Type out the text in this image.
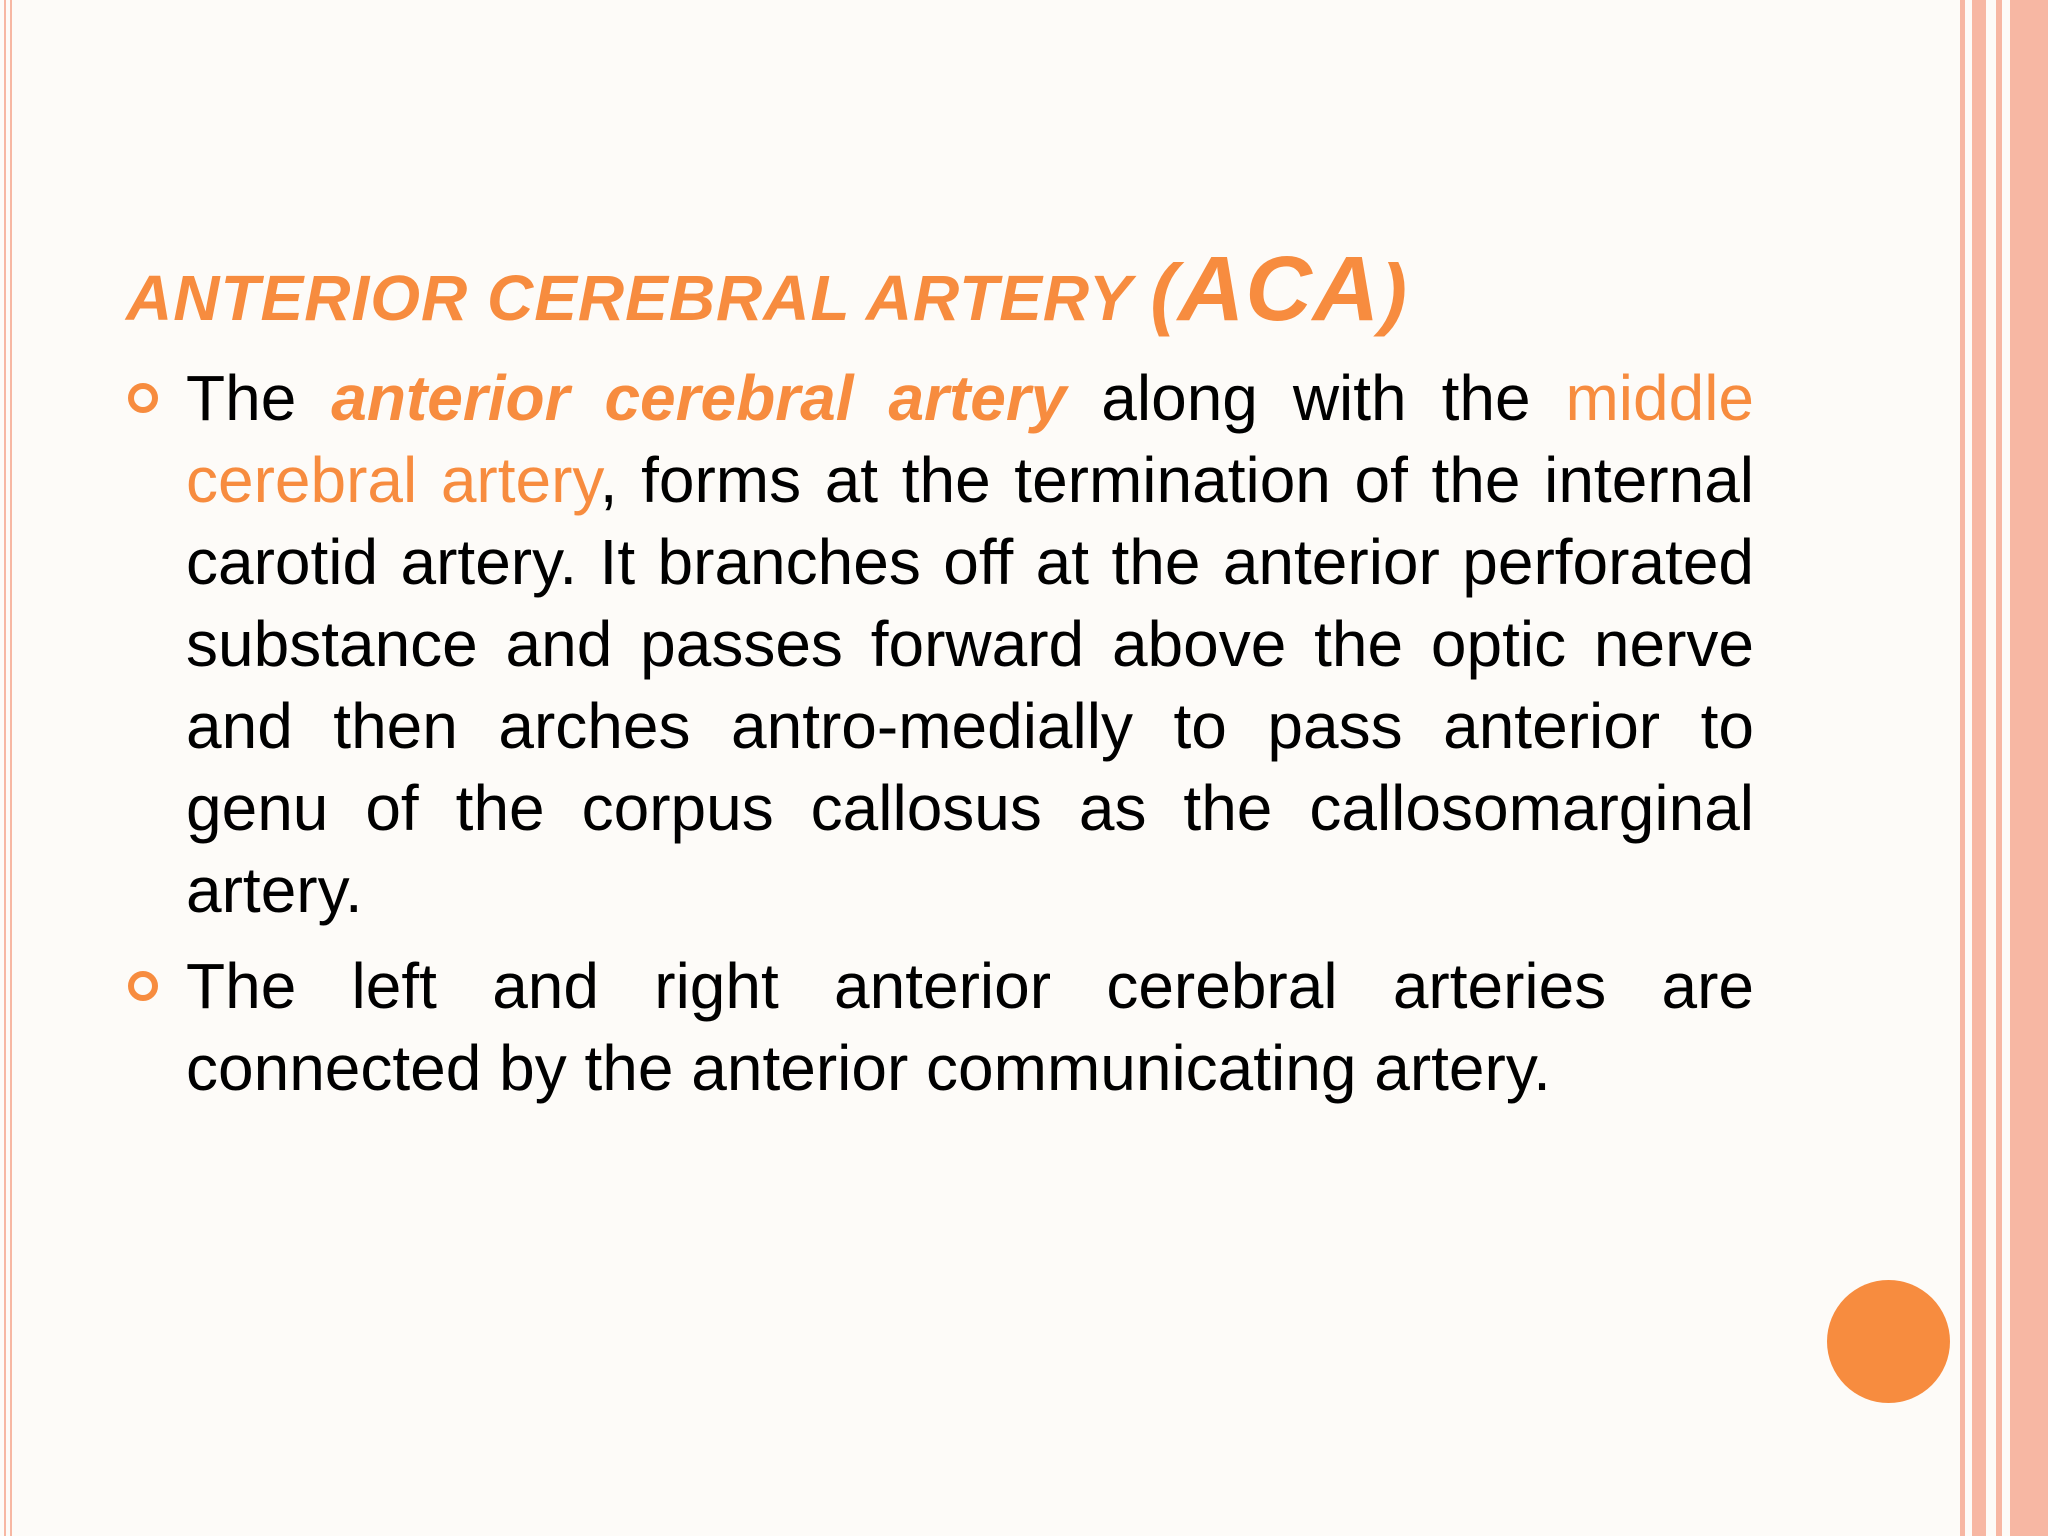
ANTERIOR CEREBRAL ARTERY (ACA)

The anterior cerebral artery along with the middle cerebral artery, forms at the termination of the internal carotid artery. It branches off at the anterior perforated substance and passes forward above the optic nerve and then arches antro-medially to pass anterior to genu of the corpus callosus as the callosomarginal artery.

The left and right anterior cerebral arteries are connected by the anterior communicating artery.
